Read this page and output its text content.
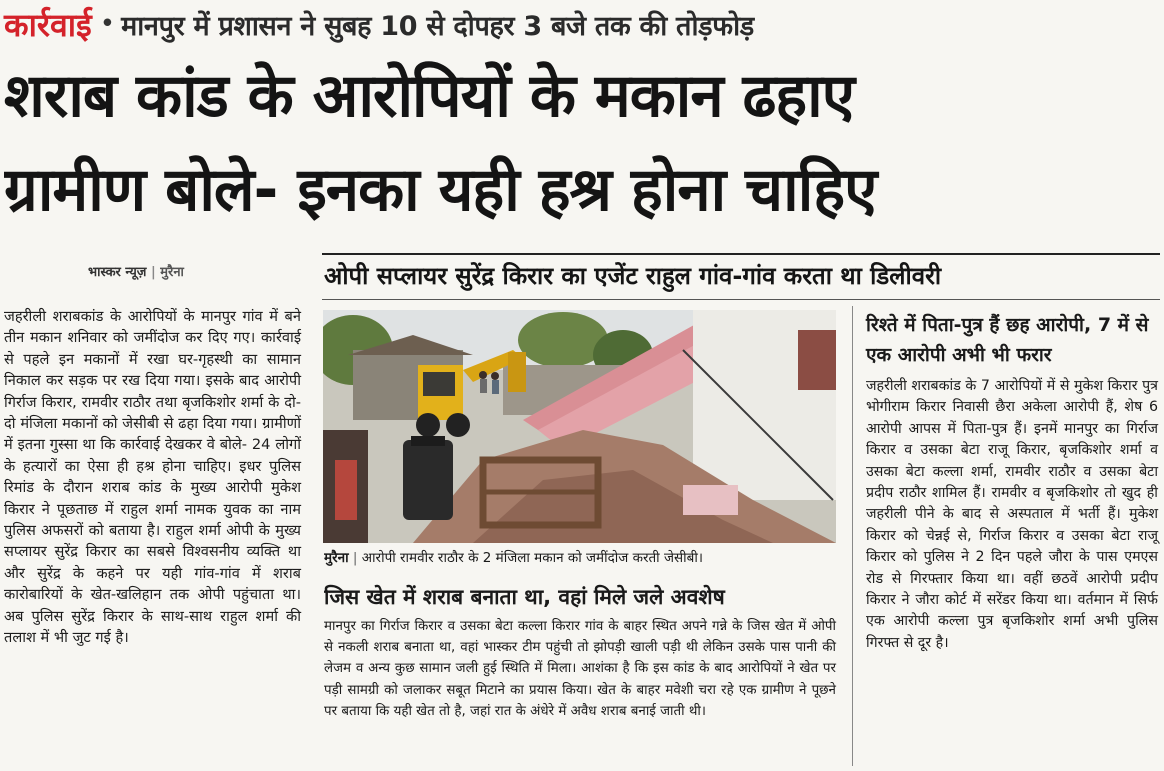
कार्रवाई • मानपुर में प्रशासन ने सुबह 10 से दोपहर 3 बजे तक की तोड़फोड़
शराब कांड के आरोपियों के मकान ढहाए
ग्रामीण बोले- इनका यही हश्र होना चाहिए
भास्कर न्यूज़ | मुरैना
जहरीली शराबकांड के आरोपियों के मानपुर गांव में बने तीन मकान शनिवार को जमींदोज कर दिए गए। कार्रवाई से पहले इन मकानों में रखा घर-गृहस्थी का सामान निकाल कर सड़क पर रख दिया गया। इसके बाद आरोपी गिर्राज किरार, रामवीर राठौर तथा बृजकिशोर शर्मा के दो-दो मंजिला मकानों को जेसीबी से ढहा दिया गया। ग्रामीणों में इतना गुस्सा था कि कार्रवाई देखकर वे बोले- 24 लोगों के हत्यारों का ऐसा ही हश्र होना चाहिए। इधर पुलिस रिमांड के दौरान शराब कांड के मुख्य आरोपी मुकेश किरार ने पूछताछ में राहुल शर्मा नामक युवक का नाम पुलिस अफसरों को बताया है। राहुल शर्मा ओपी के मुख्य सप्लायर सुरेंद्र किरार का सबसे विश्वसनीय व्यक्ति था और सुरेंद्र के कहने पर यही गांव-गांव में शराब कारोबारियों के खेत-खलिहान तक ओपी पहुंचाता था। अब पुलिस सुरेंद्र किरार के साथ-साथ राहुल शर्मा की तलाश में भी जुट गई है।
ओपी सप्लायर सुरेंद्र किरार का एजेंट राहुल गांव-गांव करता था डिलीवरी
मुरैना | आरोपी रामवीर राठौर के 2 मंजिला मकान को जमींदोज करती जेसीबी।
जिस खेत में शराब बनाता था, वहां मिले जले अवशेष
मानपुर का गिर्राज किरार व उसका बेटा कल्ला किरार गांव के बाहर स्थित अपने गन्ने के जिस खेत में ओपी से नकली शराब बनाता था, वहां भास्कर टीम पहुंची तो झोपड़ी खाली पड़ी थी लेकिन उसके पास पानी की लेजम व अन्य कुछ सामान जली हुई स्थिति में मिला। आशंका है कि इस कांड के बाद आरोपियों ने खेत पर पड़ी सामग्री को जलाकर सबूत मिटाने का प्रयास किया। खेत के बाहर मवेशी चरा रहे एक ग्रामीण ने पूछने पर बताया कि यही खेत तो है, जहां रात के अंधेरे में अवैध शराब बनाई जाती थी।
रिश्ते में पिता-पुत्र हैं छह आरोपी, 7 में से एक आरोपी अभी भी फरार
जहरीली शराबकांड के 7 आरोपियों में से मुकेश किरार पुत्र भोगीराम किरार निवासी छैरा अकेला आरोपी हैं, शेष 6 आरोपी आपस में पिता-पुत्र हैं। इनमें मानपुर का गिर्राज किरार व उसका बेटा राजू किरार, बृजकिशोर शर्मा व उसका बेटा कल्ला शर्मा, रामवीर राठौर व उसका बेटा प्रदीप राठौर शामिल हैं। रामवीर व बृजकिशोर तो खुद ही जहरीली पीने के बाद से अस्पताल में भर्ती हैं। मुकेश किरार को चेन्नई से, गिर्राज किरार व उसका बेटा राजू किरार को पुलिस ने 2 दिन पहले जौरा के पास एमएस रोड से गिरफ्तार किया था। वहीं छठवें आरोपी प्रदीप किरार ने जौरा कोर्ट में सरेंडर किया था। वर्तमान में सिर्फ एक आरोपी कल्ला पुत्र बृजकिशोर शर्मा अभी पुलिस गिरफ्त से दूर है।
